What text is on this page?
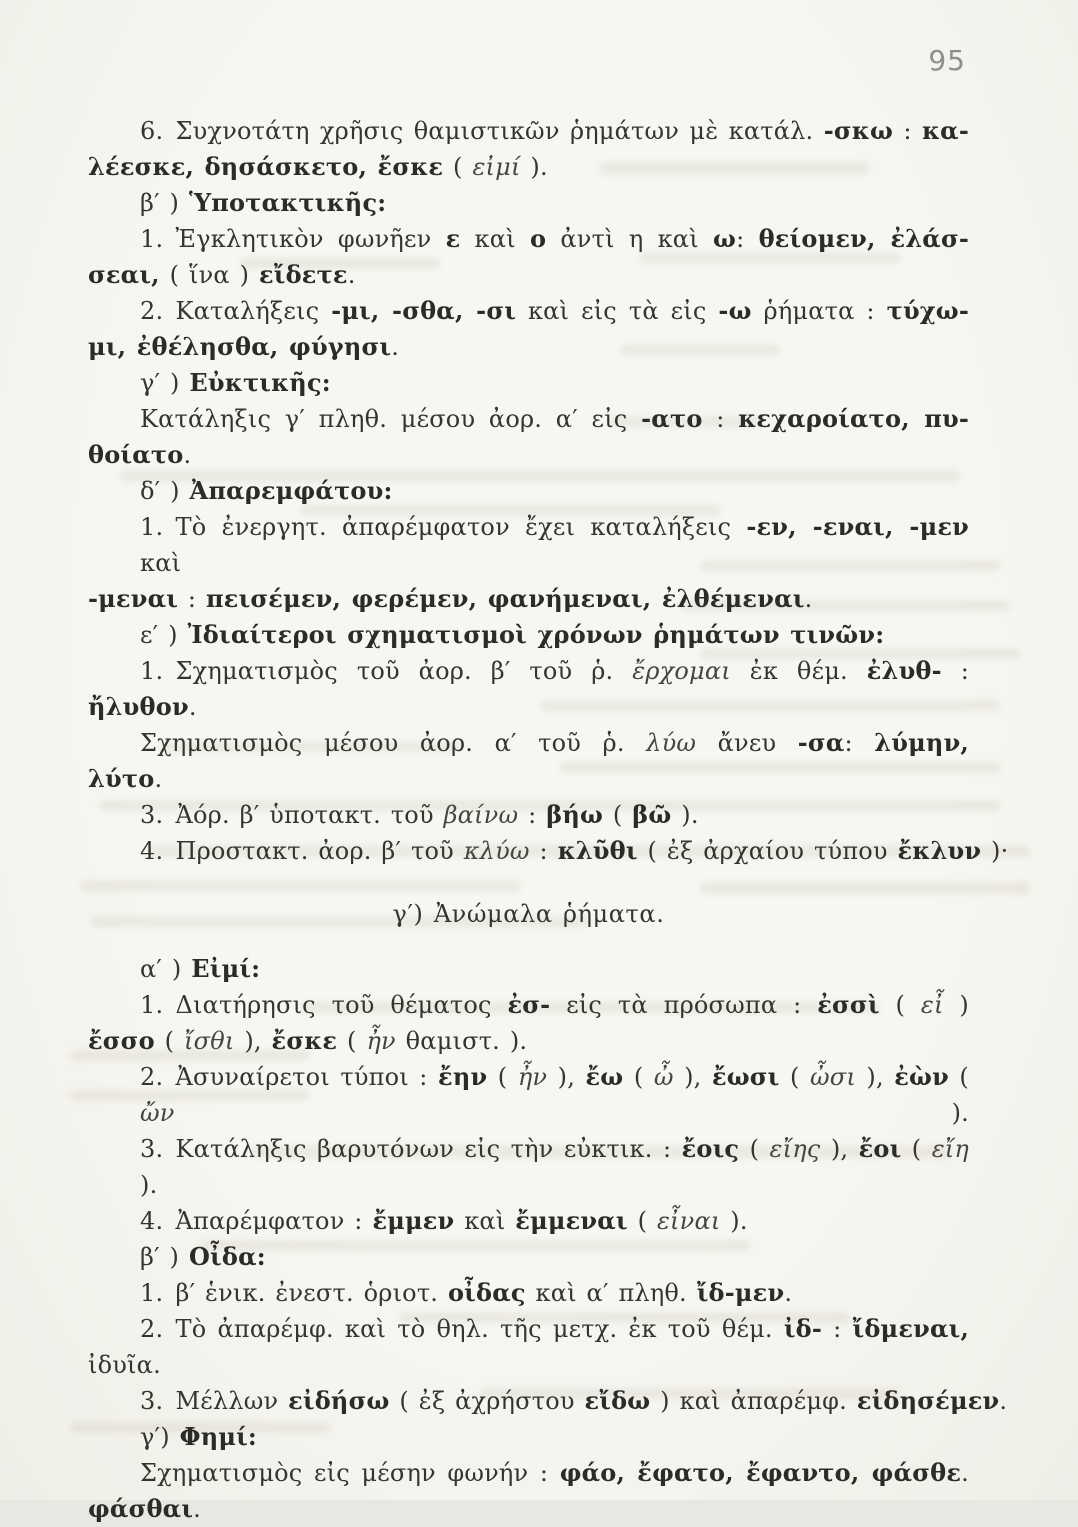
95
6. Συχνοτάτη χρῆσις θαμιστικῶν ῥημάτων μὲ κατάλ. -σκω : κα-
λέεσκε, δησάσκετο, ἔσκε ( εἰμί ).
β′ ) Ὑποτακτικῆς:
1. Ἐγκλητικὸν φωνῆεν ε καὶ ο ἀντὶ η καὶ ω: θείομεν, ἐλάσ-
σεαι, ( ἵνα ) εἴδετε.
2. Καταλήξεις -μι, -σθα, -σι καὶ εἰς τὰ εἰς -ω ῥήματα : τύχω-
μι, ἐθέλησθα, φύγησι.
γ′ ) Εὐκτικῆς:
Κατάληξις γ′ πληθ. μέσου ἀορ. α′ εἰς -ατο : κεχαροίατο, πυ-
θοίατο.
δ′ ) Ἀπαρεμφάτου:
1. Τὸ ἐνεργητ. ἀπαρέμφατον ἔχει καταλήξεις -εν, -εναι, -μεν καὶ
-μεναι : πεισέμεν, φερέμεν, φανήμεναι, ἐλθέμεναι.
ε′ ) Ἰδιαίτεροι σχηματισμοὶ χρόνων ῥημάτων τινῶν:
1. Σχηματισμὸς τοῦ ἀορ. β′ τοῦ ῥ. ἔρχομαι ἐκ θέμ. ἐλυθ- :
ἤλυθον.
Σχηματισμὸς μέσου ἀορ. α′ τοῦ ῥ. λύω ἄνευ -σα: λύμην,
λύτο.
3. Ἀόρ. β′ ὑποτακτ. τοῦ βαίνω : βήω ( βῶ ).
4. Προστακτ. ἀορ. β′ τοῦ κλύω : κλῦθι ( ἐξ ἀρχαίου τύπου ἔκλυν )·
γ′) Ἀνώμαλα ῥήματα.
α′ ) Εἰμί:
1. Διατήρησις τοῦ θέματος ἐσ- εἰς τὰ πρόσωπα : ἐσσὶ ( εἶ )
ἔσσο ( ἴσθι ), ἔσκε ( ἦν θαμιστ. ).
2. Ἀσυναίρετοι τύποι : ἔην ( ἦν ), ἔω ( ὦ ), ἔωσι ( ὦσι ), ἐὼν ( ὤν ).
3. Κατάληξις βαρυτόνων εἰς τὴν εὐκτικ. : ἔοις ( εἴης ), ἔοι ( εἴη ).
4. Ἀπαρέμφατον : ἔμμεν καὶ ἔμμεναι ( εἶναι ).
β′ ) Οἶδα:
1. β′ ἑνικ. ἐνεστ. ὁριοτ. οἶδας καὶ α′ πληθ. ἴδ-μεν.
2. Τὸ ἀπαρέμφ. καὶ τὸ θηλ. τῆς μετχ. ἐκ τοῦ θέμ. ἰδ- : ἴδμεναι,
ἰδυῖα.
3. Μέλλων εἰδήσω ( ἐξ ἀχρήστου εἴδω ) καὶ ἀπαρέμφ. εἰδησέμεν.
γ′) Φημί:
Σχηματισμὸς εἰς μέσην φωνήν : φάο, ἔφατο, ἔφαντο, φάσθε.
φάσθαι.
